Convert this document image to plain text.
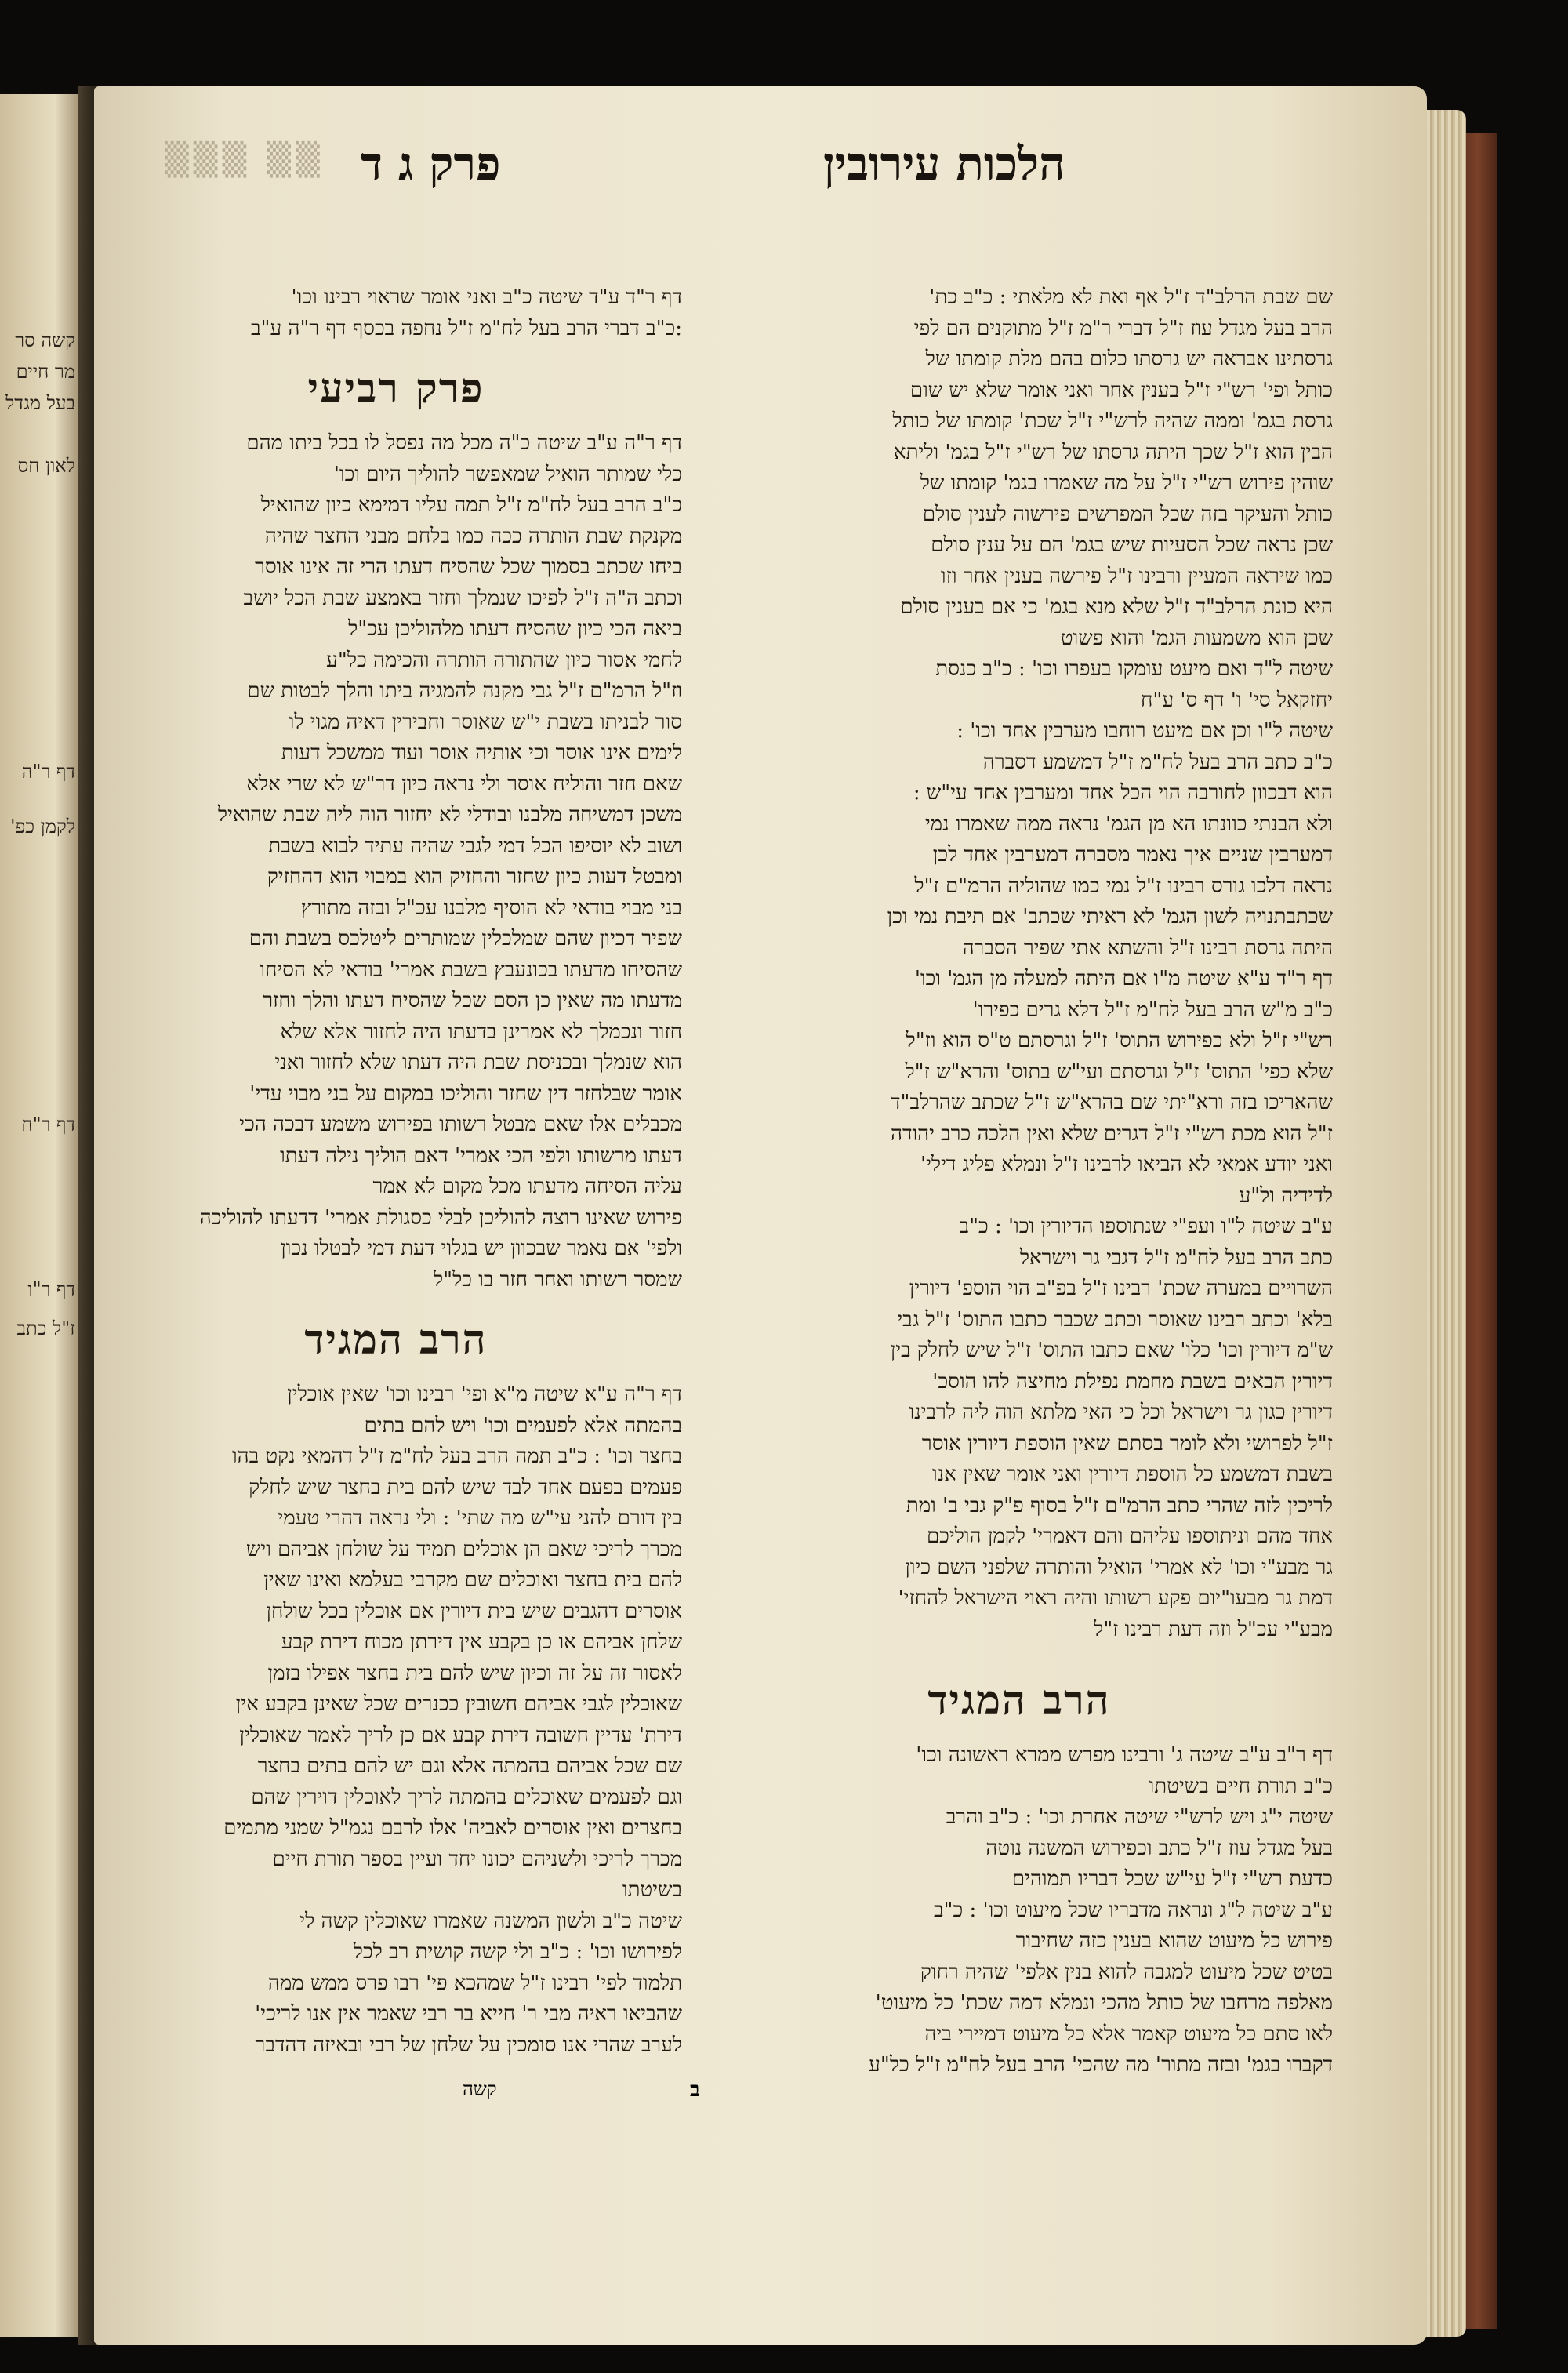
קשה סר
מר חיים
בעל מגדל
לאון חס
דף ר"ה
לקמן כפ'
דף ר"ח
דף ר"ו
ז"ל כתב
▒▒▒ ▒▒	הלכות עירובין
פרק ג ד
דף ר"ד ע"ד שיטה כ"ב ואני אומר שראוי רבינו וכו'
:כ"ב דברי הרב בעל לח"מ ז"ל נחפה בכסף דף ר"ה ע"ב
פרק רביעי
דף ר"ה ע"ב שיטה כ"ה מכל מה נפסל לו בכל ביתו מהם
כלי שמותר הואיל שמאפשר להוליך היום וכו'
כ"ב הרב בעל לח"מ ז"ל תמה עליו דמימא כיון שהואיל
מקנקת שבת הותרה ככה כמו בלחם מבני החצר שהיה
ביחו שכתב בסמוך שכל שהסיח דעתו הרי זה אינו אוסר
וכתב ה"ה ז"ל לפיכו שנמלך וחזר באמצע שבת הכל יושב
ביאה הכי כיון שהסיח דעתו מלהוליכן עכ"ל
לחמי אסור כיון שהתורה הותרה והכימה כל"ע
וז"ל הרמ"ם ז"ל גבי מקנה להמגיה ביתו והלך לבטות שם
סור לבניתו בשבת י"ש שאוסר וחבירין דאיה מגוי לו
לימים אינו אוסר וכי אותיה אוסר ועוד ממשכל דעות
שאם חזר והוליח אוסר ולי נראה כיון דר"ש לא שרי אלא
משכן דמשיחה מלבנו ובודלי לא יחזור הוה ליה שבת שהואיל
ושוב לא יוסיפו הכל דמי לגבי שהיה עתיד לבוא בשבת
ומבטל דעות כיון שחזר והחזיק הוא במבוי הוא דהחזיק
בני מבוי בודאי לא הוסיף מלבנו עכ"ל ובזה מתורץ
שפיר דכיון שהם שמלכלין שמותרים ליטלכס בשבת והם
שהסיחו מדעתו בכונעבץ בשבת אמרי' בודאי לא הסיחו
מדעתו מה שאין כן הסם שכל שהסיח דעתו והלך וחזר
חזור ונכמלך לא אמרינן בדעתו היה לחזור אלא שלא
הוא שנמלך ובכניסת שבת היה דעתו שלא לחזור ואני
אומר שבלחזר דין שחזר והוליכו במקום על בני מבוי עדי'
מכבלים אלו שאם מבטל רשותו בפירוש משמע דבכה הכי
דעתו מרשותו ולפי הכי אמרי' דאם הוליך נילה דעתו
עליה הסיחה מדעתו מכל מקום לא אמר
פירוש שאינו רוצה להוליכן לבלי כסגולת אמרי' דדעתו להוליכה
ולפי' אם נאמר שבכוון יש בגלוי דעת דמי לבטלו נכון
שמסר רשותו ואחר חזר בו כל"ל
הרב המגיד
דף ר"ה ע"א שיטה מ"א ופי' רבינו וכו' שאין אוכלין
בהמתה אלא לפעמים וכו' ויש להם בתים
בחצר וכו' : כ"ב תמה הרב בעל לח"מ ז"ל דהמאי נקט בהו
פעמים בפעם אחד לבד שיש להם בית בחצר שיש לחלק
בין דורם להני עי"ש מה שתי' : ולי נראה דהרי טעמי
מכרך לריכי שאם הן אוכלים תמיד על שולחן אביהם ויש
להם בית בחצר ואוכלים שם מקרבי בעלמא ואינו שאין
אוסרים דהגבים שיש בית דיורין אם אוכלין בכל שולחן
שלחן אביהם או כן בקבע אין דירתן מכוח דירת קבע
לאסור זה על זה וכיון שיש להם בית בחצר אפילו בזמן
שאוכלין לגבי אביהם חשובין ככנרים שכל שאינן בקבע אין
דירת' עדיין חשובה דירת קבע אם כן לריך לאמר שאוכלין
שם שכל אביהם בהמתה אלא וגם יש להם בתים בחצר
וגם לפעמים שאוכלים בהמתה לריך לאוכלין דוירין שהם
בחצרים ואין אוסרים לאביה' אלו לרבם נגמ"ל שמני מתמים
מכרך לריכי ולשניהם יכונו יחד ועיין בספר תורת חיים
בשיטתו
שיטה כ"ב ולשון המשנה שאמרו שאוכלין קשה לי
לפירושו וכו' : כ"ב ולי קשה קושית רב לכל
תלמוד לפי' רבינו ז"ל שמהכא פי' רבו פרס ממש ממה
שהביאו ראיה מבי ר' חייא בר רבי שאמר אין אנו לריכי'
לערב שהרי אנו סומכין על שלחן של רבי ובאיזה דהדבר
שם שבת הרלב"ד ז"ל אף ואת לא מלאתי : כ"ב כת'
הרב בעל מגדל עוז ז"ל דברי ר"מ ז"ל מתוקנים הם לפי
גרסתינו אבראה יש גרסתו כלום בהם מלת קומתו של
כותל ופי' רש"י ז"ל בענין אחר ואני אומר שלא יש שום
גרסת בגמ' וממה שהיה לרש"י ז"ל שכת' קומתו של כותל
הבין הוא ז"ל שכך היתה גרסתו של רש"י ז"ל בגמ' וליתא
שוהין פירוש רש"י ז"ל על מה שאמרו בגמ' קומתו של
כותל והעיקר בזה שכל המפרשים פירשוה לענין סולם
שכן נראה שכל הסעיות שיש בגמ' הם על ענין סולם
כמו שיראה המעיין ורבינו ז"ל פירשה בענין אחר וזו
היא כונת הרלב"ד ז"ל שלא מנא בגמ' כי אם בענין סולם
שכן הוא משמעות הגמ' והוא פשוט
שיטה ל"ד ואם מיעט עומקו בעפרו וכו' : כ"ב כנסת
יחזקאל סי' ו' דף ס' ע"ח
שיטה ל"ו וכן אם מיעט רוחבו מערבין אחד וכו' :
כ"ב כתב הרב בעל לח"מ ז"ל דמשמע דסברה
הוא דבכוון לחורבה הוי הכל אחד ומערבין אחד עי"ש :
ולא הבנתי כוונתו הא מן הגמ' נראה ממה שאמרו נמי
דמערבין שניים איך נאמר מסברה דמערבין אחד לכן
נראה דלכו גורס רבינו ז"ל נמי כמו שהוליה הרמ"ם ז"ל
שכתבתנויה לשון הגמ' לא ראיתי שכתב' אם תיבת נמי וכן
היתה גרסת רבינו ז"ל והשתא אתי שפיר הסברה
דף ר"ד ע"א שיטה מ"ו אם היתה למעלה מן הגמ' וכו'
כ"ב מ"ש הרב בעל לח"מ ז"ל דלא גרים כפירו'
רש"י ז"ל ולא כפירוש התוס' ז"ל וגרסתם ט"ס הוא וז"ל
שלא כפי' התוס' ז"ל וגרסתם ועי"ש בתוס' והרא"ש ז"ל
שהאריכו בזה ורא"יתי שם בהרא"ש ז"ל שכתב שהרלב"ד
ז"ל הוא מכת רש"י ז"ל דגרים שלא ואין הלכה כרב יהודה
ואני יודע אמאי לא הביאו לרבינו ז"ל ונמלא פליג דילי'
לדידיה ול"ע
ע"ב שיטה ל"ו ועפ"י שנתוספו הדיורין וכו' : כ"ב
כתב הרב בעל לח"מ ז"ל דגבי גר וישראל
השרויים במערה שכת' רבינו ז"ל בפ"ב הוי הוספ' דיורין
בלא' וכתב רבינו שאוסר וכתב שכבר כתבו התוס' ז"ל גבי
ש"מ דיורין וכו' כלו' שאם כתבו התוס' ז"ל שיש לחלק בין
דיורין הבאים בשבת מחמת נפילת מחיצה להו הוסכ'
דיורין כגון גר וישראל וכל כי האי מלתא הוה ליה לרבינו
ז"ל לפרושי ולא לומר בסתם שאין הוספת דיורין אוסר
בשבת דמשמע כל הוספת דיורין ואני אומר שאין אנו
לריכין לזה שהרי כתב הרמ"ם ז"ל בסוף פ"ק גבי ב' ומת
אחד מהם וניתוספו עליהם והם דאמרי' לקמן הוליכם
גר מבע"י וכו' לא אמרי' הואיל והותרה שלפני השם כיון
דמת גר מבעו"יום פקע רשותו והיה ראוי הישראל להחזי'
מבע"י עכ"ל וזה דעת רבינו ז"ל
הרב המגיד
דף ר"ב ע"ב שיטה ג' ורבינו מפרש ממרא ראשונה וכו'
כ"ב תורת חיים בשיטתו
שיטה י"ג ויש לרש"י שיטה אחרת וכו' : כ"ב והרב
בעל מגדל עוז ז"ל כתב וכפירוש המשנה נוטה
כדעת רש"י ז"ל עי"ש שכל דבריו תמוהים
ע"ב שיטה ל"ג ונראה מדבריו שכל מיעוט וכו' : כ"ב
פירוש כל מיעוט שהוא בענין כזה שחיבור
בטיט שכל מיעוט למגבה להוא בנין אלפי' שהיה רחוק
מאלפה מרחבו של כותל מהכי ונמלא דמה שכת' כל מיעוט'
לאו סתם כל מיעוט קאמר אלא כל מיעוט דמיירי ביה
דקברו בגמ' ובזה מתור' מה שהכי' הרב בעל לח"מ ז"ל כל"ע
קשה	ב
